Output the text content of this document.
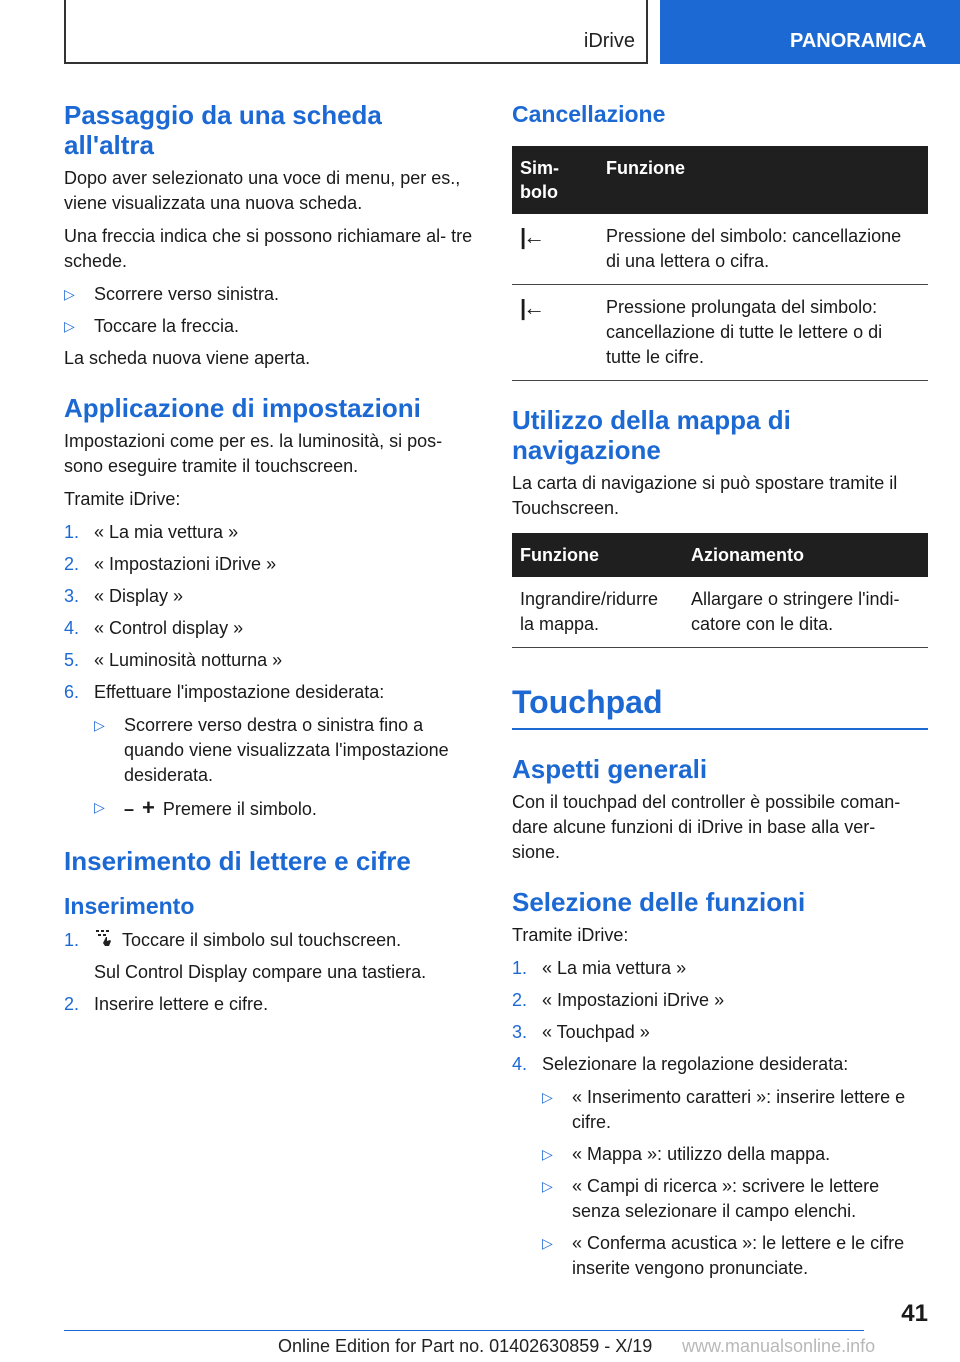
iDrive	PANORAMICA
Passaggio da una scheda all'altra

Dopo aver selezionato una voce di menu, per es., viene visualizzata una nuova scheda.

Una freccia indica che si possono richiamare al- tre schede.

▷ Scorrere verso sinistra.
▷ Toccare la freccia.

La scheda nuova viene aperta.

Applicazione di impostazioni

Impostazioni come per es. la luminosità, si pos- sono eseguire tramite il touchscreen.

Tramite iDrive:

1. « La mia vettura »
2. « Impostazioni iDrive »
3. « Display »
4. « Control display »
5. « Luminosità notturna »
6. Effettuare l'impostazione desiderata:
▷ Scorrere verso destra o sinistra fino a quando viene visualizzata l'impostazione desiderata.
▷ – + Premere il simbolo.
Inserimento di lettere e cifre
Inserimento
1. Toccare il simbolo sul touchscreen.
Sul Control Display compare una tastiera.
2. Inserire lettere e cifre.
Cancellazione
Sim- bolo	Funzione
|←	Pressione del simbolo: cancellazione di una lettera o cifra.
|←	Pressione prolungata del simbolo: cancellazione di tutte le lettere o di tutte le cifre.
Utilizzo della mappa di navigazione

La carta di navigazione si può spostare tramite il Touchscreen.

Funzione	Azionamento
Ingrandire/ridurre la mappa.	Allargare o stringere l'indi- catore con le dita.
Touchpad
Aspetti generali

Con il touchpad del controller è possibile coman- dare alcune funzioni di iDrive in base alla ver- sione.

Selezione delle funzioni

Tramite iDrive:

1. « La mia vettura »
2. « Impostazioni iDrive »
3. « Touchpad »
4. Selezionare la regolazione desiderata:
▷ « Inserimento caratteri »: inserire lettere e cifre.
▷ « Mappa »: utilizzo della mappa.
▷ « Campi di ricerca »: scrivere le lettere senza selezionare il campo elenchi.
▷ « Conferma acustica »: le lettere e le cifre inserite vengono pronunciate.
41
Online Edition for Part no. 01402630859 - X/19 www.manualsonline.info
